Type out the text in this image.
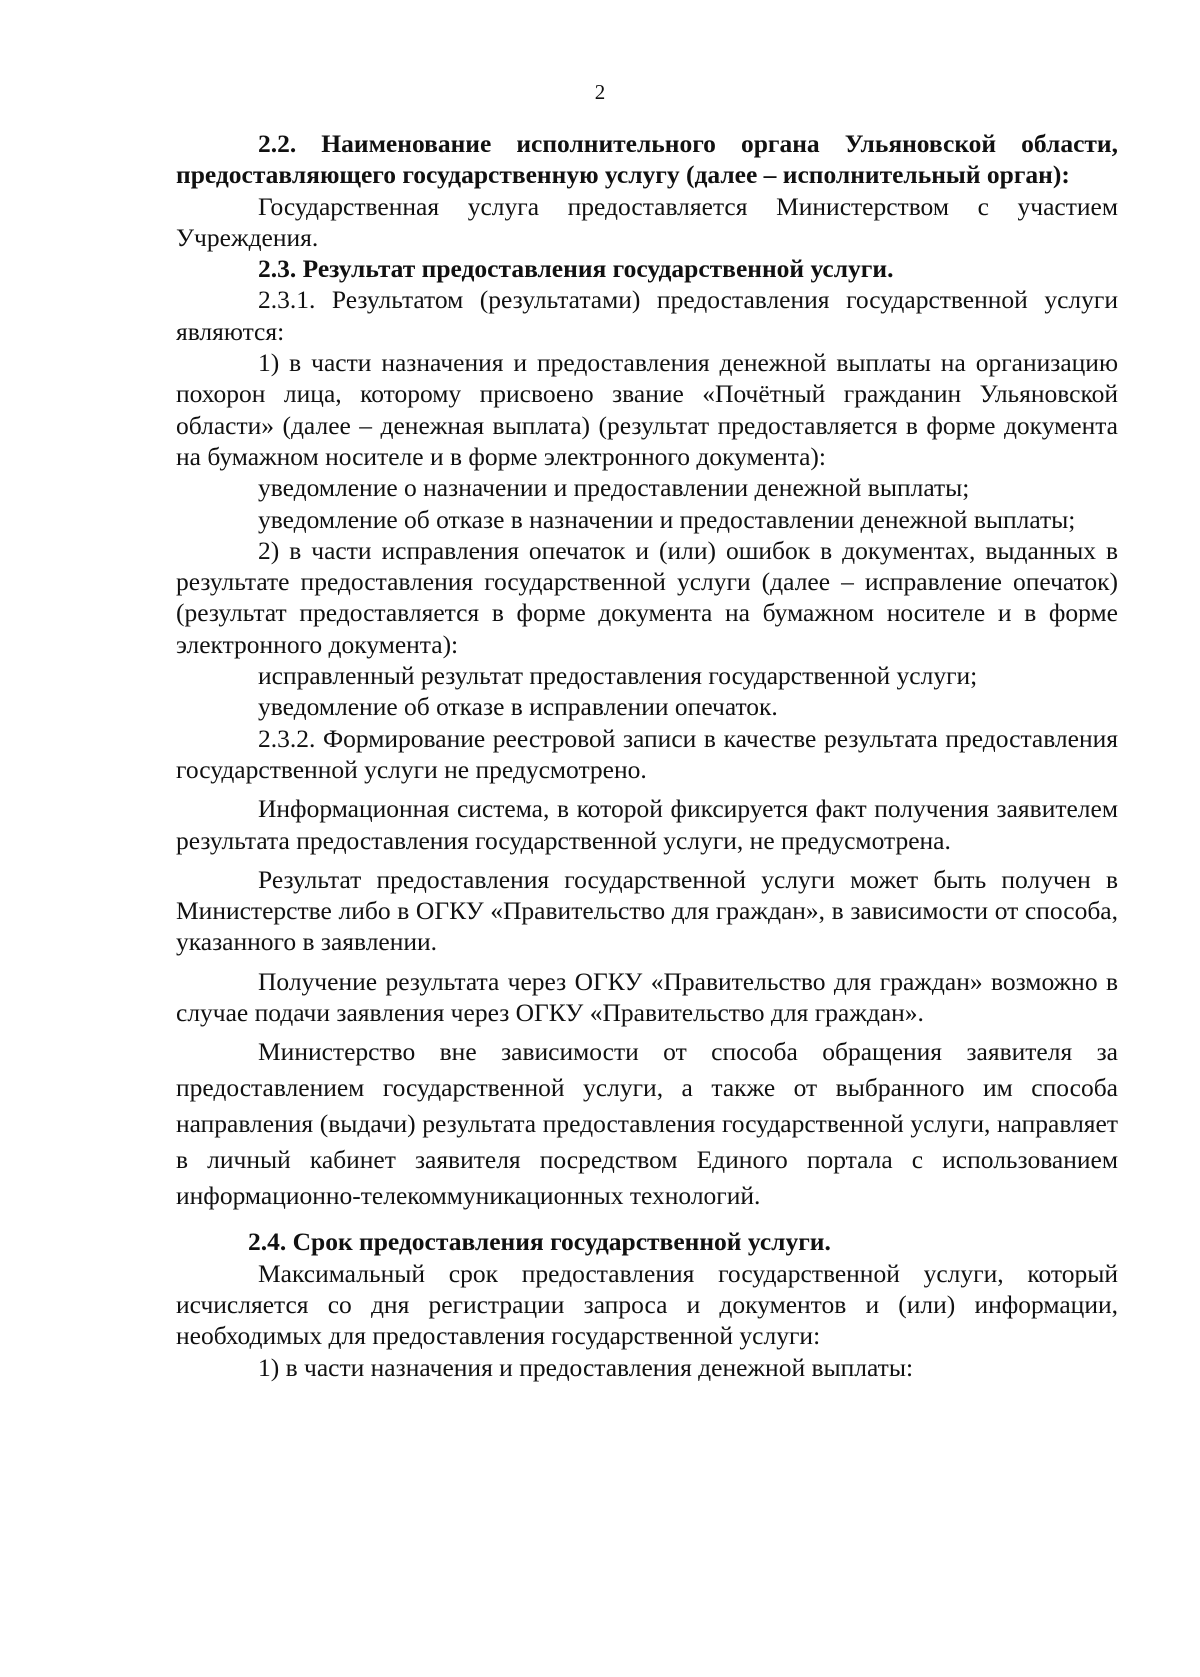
2

2.2. Наименование исполнительного органа Ульяновской области, предоставляющего государственную услугу (далее – исполнительный орган):

Государственная услуга предоставляется Министерством с участием Учреждения.

2.3. Результат предоставления государственной услуги.

2.3.1. Результатом (результатами) предоставления государственной услуги являются:

1) в части назначения и предоставления денежной выплаты на организацию похорон лица, которому присвоено звание «Почётный гражданин Ульяновской области» (далее – денежная выплата) (результат предоставляется в форме документа на бумажном носителе и в форме электронного документа):

уведомление о назначении и предоставлении денежной выплаты;

уведомление об отказе в назначении и предоставлении денежной выплаты;

2) в части исправления опечаток и (или) ошибок в документах, выданных в результате предоставления государственной услуги (далее – исправление опечаток) (результат предоставляется в форме документа на бумажном носителе и в форме электронного документа):

исправленный результат предоставления государственной услуги;

уведомление об отказе в исправлении опечаток.

2.3.2. Формирование реестровой записи в качестве результата предоставления государственной услуги не предусмотрено.

Информационная система, в которой фиксируется факт получения заявителем результата предоставления государственной услуги, не предусмотрена.

Результат предоставления государственной услуги может быть получен в Министерстве либо в ОГКУ «Правительство для граждан», в зависимости от способа, указанного в заявлении.

Получение результата через ОГКУ «Правительство для граждан» возможно в случае подачи заявления через ОГКУ «Правительство для граждан».

Министерство вне зависимости от способа обращения заявителя за предоставлением государственной услуги, а также от выбранного им способа направления (выдачи) результата предоставления государственной услуги, направляет в личный кабинет заявителя посредством Единого портала с использованием информационно-телекоммуникационных технологий.

2.4. Срок предоставления государственной услуги.

Максимальный срок предоставления государственной услуги, который исчисляется со дня регистрации запроса и документов и (или) информации, необходимых для предоставления государственной услуги:

1) в части назначения и предоставления денежной выплаты:
